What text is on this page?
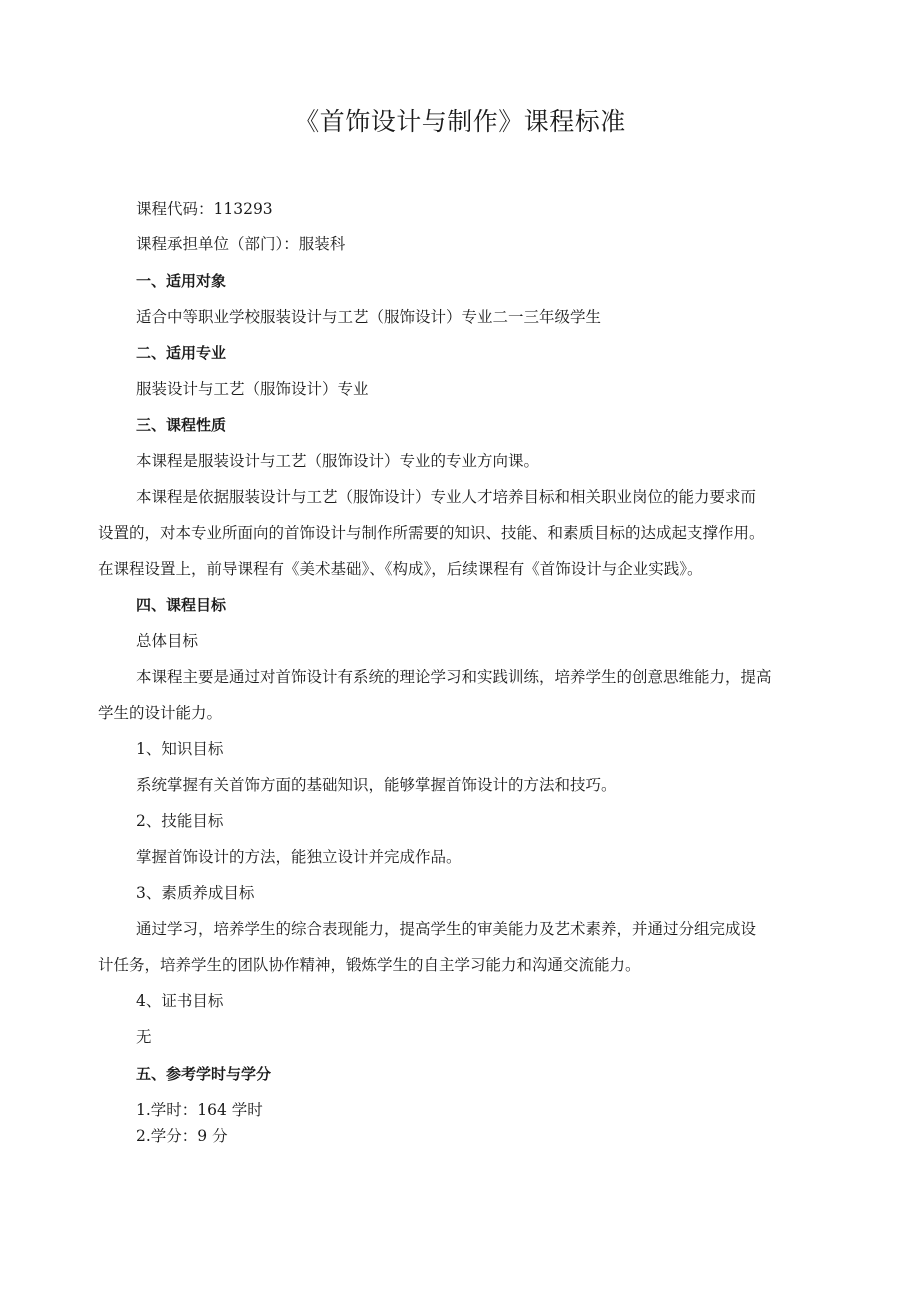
《首饰设计与制作》课程标准
课程代码：113293
课程承担单位（部门）：服装科
一、适用对象
适合中等职业学校服装设计与工艺（服饰设计）专业二一三年级学生
二、适用专业
服装设计与工艺（服饰设计）专业
三、课程性质
本课程是服装设计与工艺（服饰设计）专业的专业方向课。
本课程是依据服装设计与工艺（服饰设计）专业人才培养目标和相关职业岗位的能力要求而
设置的，对本专业所面向的首饰设计与制作所需要的知识、技能、和素质目标的达成起支撑作用。
在课程设置上，前导课程有《美术基础》、《构成》，后续课程有《首饰设计与企业实践》。
四、课程目标
总体目标
本课程主要是通过对首饰设计有系统的理论学习和实践训练，培养学生的创意思维能力，提高
学生的设计能力。
1、知识目标
系统掌握有关首饰方面的基础知识，能够掌握首饰设计的方法和技巧。
2、技能目标
掌握首饰设计的方法，能独立设计并完成作品。
3、素质养成目标
通过学习，培养学生的综合表现能力，提高学生的审美能力及艺术素养，并通过分组完成设
计任务，培养学生的团队协作精神，锻炼学生的自主学习能力和沟通交流能力。
4、证书目标
无
五、参考学时与学分
1.学时：164 学时
2.学分：9 分
